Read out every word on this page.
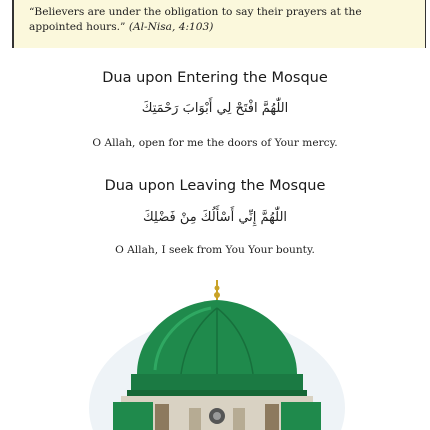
“Believers are under the obligation to say their prayers at the appointed hours.” (Al-Nisa, 4:103)
Dua upon Entering the Mosque
اللّٰهُمَّ افْتَحْ لِي أَبْوَابَ رَحْمَتِكَ
O Allah, open for me the doors of Your mercy.
Dua upon Leaving the Mosque
اللّٰهُمَّ إِنِّي أَسْأَلُكَ مِنْ فَضْلِكَ
O Allah, I seek from You Your bounty.
